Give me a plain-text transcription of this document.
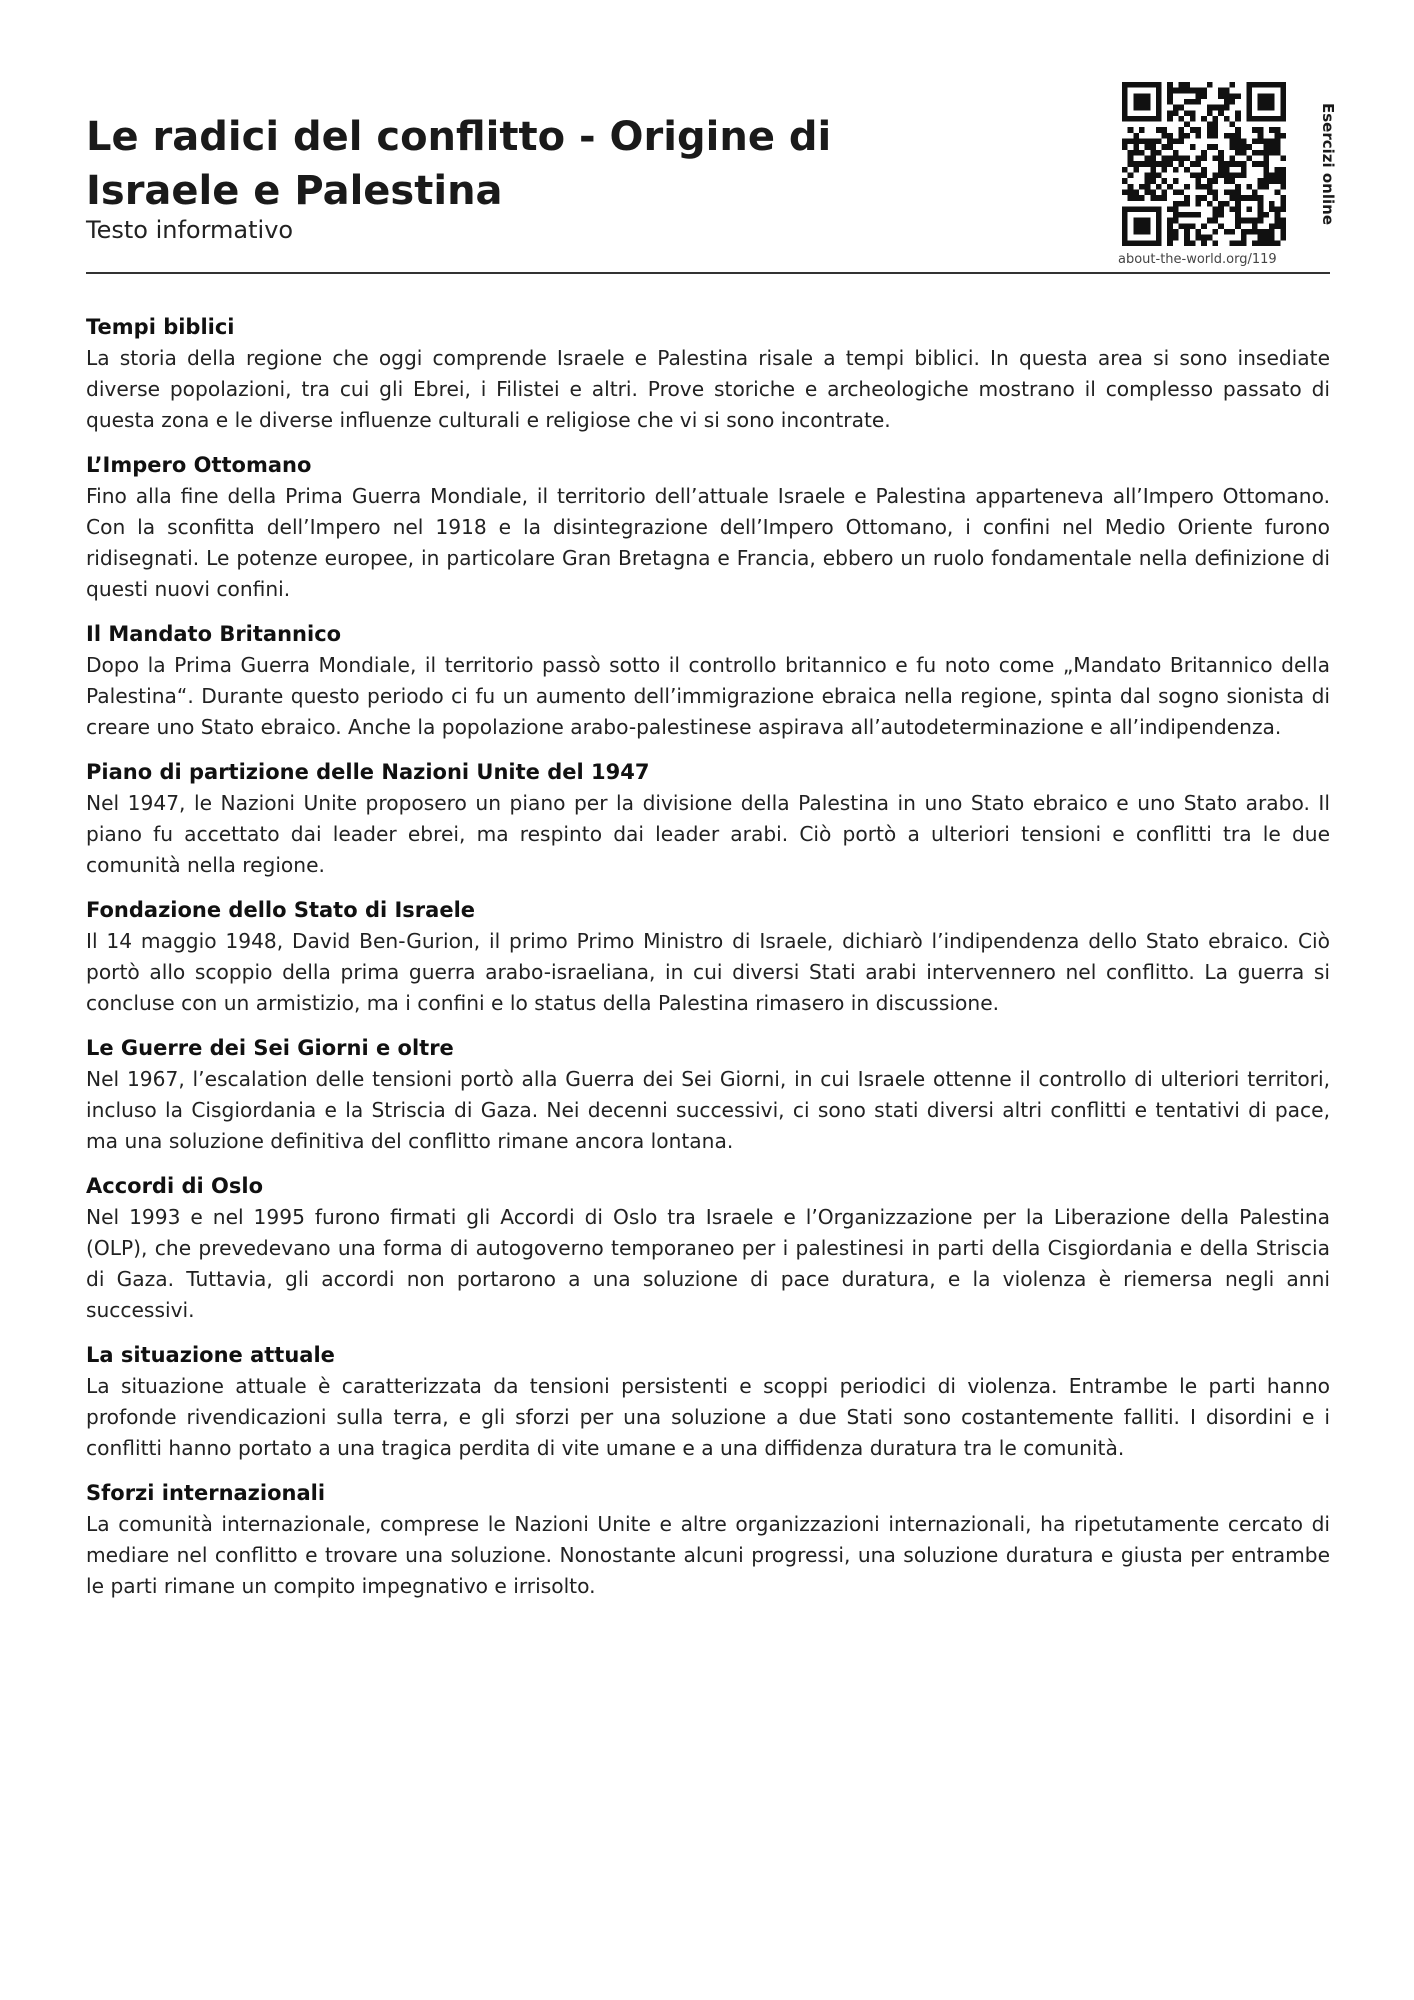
Le radici del conflitto - Origine di Israele e Palestina
Testo informativo
about-the-world.org/119
Esercizi online
Tempi biblici

La storia della regione che oggi comprende Israele e Palestina risale a tempi biblici. In questa area si sono insediate diverse popolazioni, tra cui gli Ebrei, i Filistei e altri. Prove storiche e archeologiche mostrano il complesso passato di questa zona e le diverse influenze culturali e religiose che vi si sono incontrate.

L’Impero Ottomano

Fino alla fine della Prima Guerra Mondiale, il territorio dell’attuale Israele e Palestina apparteneva all’Impero Ottomano. Con la sconfitta dell’Impero nel 1918 e la disintegrazione dell’Impero Ottomano, i confini nel Medio Oriente furono ridisegnati. Le potenze europee, in particolare Gran Bretagna e Francia, ebbero un ruolo fondamentale nella definizione di questi nuovi confini.

Il Mandato Britannico

Dopo la Prima Guerra Mondiale, il territorio passò sotto il controllo britannico e fu noto come „Mandato Britannico della Palestina“. Durante questo periodo ci fu un aumento dell’immigrazione ebraica nella regione, spinta dal sogno sionista di creare uno Stato ebraico. Anche la popolazione arabo-palestinese aspirava all’autodeterminazione e all’indipendenza.

Piano di partizione delle Nazioni Unite del 1947

Nel 1947, le Nazioni Unite proposero un piano per la divisione della Palestina in uno Stato ebraico e uno Stato arabo. Il piano fu accettato dai leader ebrei, ma respinto dai leader arabi. Ciò portò a ulteriori tensioni e conflitti tra le due comunità nella regione.

Fondazione dello Stato di Israele

Il 14 maggio 1948, David Ben-Gurion, il primo Primo Ministro di Israele, dichiarò l’indipendenza dello Stato ebraico. Ciò portò allo scoppio della prima guerra arabo-israeliana, in cui diversi Stati arabi intervennero nel conflitto. La guerra si concluse con un armistizio, ma i confini e lo status della Palestina rimasero in discussione.

Le Guerre dei Sei Giorni e oltre

Nel 1967, l’escalation delle tensioni portò alla Guerra dei Sei Giorni, in cui Israele ottenne il controllo di ulteriori territori, incluso la Cisgiordania e la Striscia di Gaza. Nei decenni successivi, ci sono stati diversi altri conflitti e tentativi di pace, ma una soluzione definitiva del conflitto rimane ancora lontana.

Accordi di Oslo

Nel 1993 e nel 1995 furono firmati gli Accordi di Oslo tra Israele e l’Organizzazione per la Liberazione della Palestina (OLP), che prevedevano una forma di autogoverno temporaneo per i palestinesi in parti della Cisgiordania e della Striscia di Gaza. Tuttavia, gli accordi non portarono a una soluzione di pace duratura, e la violenza è riemersa negli anni successivi.

La situazione attuale

La situazione attuale è caratterizzata da tensioni persistenti e scoppi periodici di violenza. Entrambe le parti hanno profonde rivendicazioni sulla terra, e gli sforzi per una soluzione a due Stati sono costantemente falliti. I disordini e i conflitti hanno portato a una tragica perdita di vite umane e a una diffidenza duratura tra le comunità.

Sforzi internazionali

La comunità internazionale, comprese le Nazioni Unite e altre organizzazioni internazionali, ha ripetutamente cercato di mediare nel conflitto e trovare una soluzione. Nonostante alcuni progressi, una soluzione duratura e giusta per entrambe le parti rimane un compito impegnativo e irrisolto.
